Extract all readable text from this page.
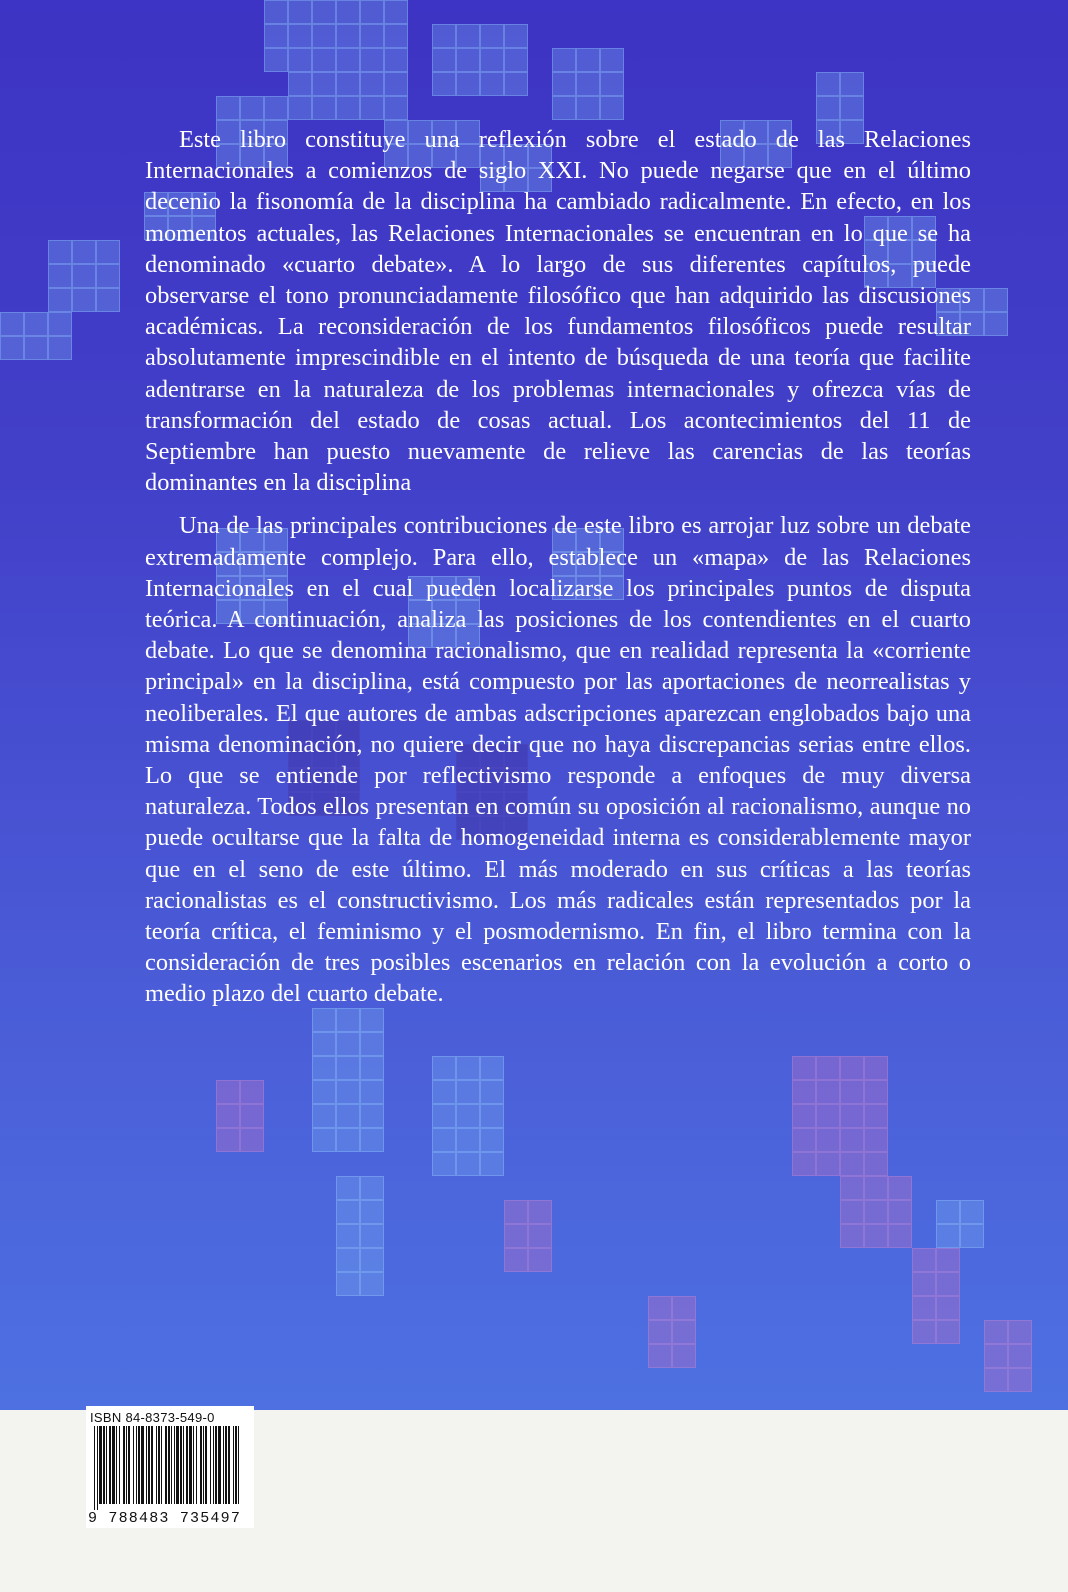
Este libro constituye una reflexión sobre el estado de las Relaciones Internacionales a comienzos de siglo XXI. No puede negarse que en el último decenio la fisonomía de la disciplina ha cambiado radicalmente. En efecto, en los momentos actuales, las Relaciones Internacionales se encuentran en lo que se ha denominado «cuarto debate». A lo largo de sus diferentes capítulos, puede observarse el tono pronunciadamente filosófico que han adquirido las discusiones académicas. La reconsideración de los fundamentos filosóficos puede resultar absolutamente imprescindible en el intento de búsqueda de una teoría que facilite adentrarse en la naturaleza de los problemas internacionales y ofrezca vías de transformación del estado de cosas actual. Los acontecimientos del 11 de Septiembre han puesto nuevamente de relieve las carencias de las teorías dominantes en la disciplina

Una de las principales contribuciones de este libro es arrojar luz sobre un debate extremadamente complejo. Para ello, establece un «mapa» de las Relaciones Internacionales en el cual pueden localizarse los principales puntos de disputa teórica. A continuación, analiza las posiciones de los contendientes en el cuarto debate. Lo que se denomina racionalismo, que en realidad representa la «corriente principal» en la disciplina, está compuesto por las aportaciones de neorrealistas y neoliberales. El que autores de ambas adscripciones aparezcan englobados bajo una misma denominación, no quiere decir que no haya discrepancias serias entre ellos. Lo que se entiende por reflectivismo responde a enfoques de muy diversa naturaleza. Todos ellos presentan en común su oposición al racionalismo, aunque no puede ocultarse que la falta de homogeneidad interna es considerablemente mayor que en el seno de este último. El más moderado en sus críticas a las teorías racionalistas es el constructivismo. Los más radicales están representados por la teoría crítica, el feminismo y el posmodernismo. En fin, el libro termina con la consideración de tres posibles escenarios en relación con la evolución a corto o medio plazo del cuarto debate.

ISBN 84-8373-549-0
9 788483 735497
